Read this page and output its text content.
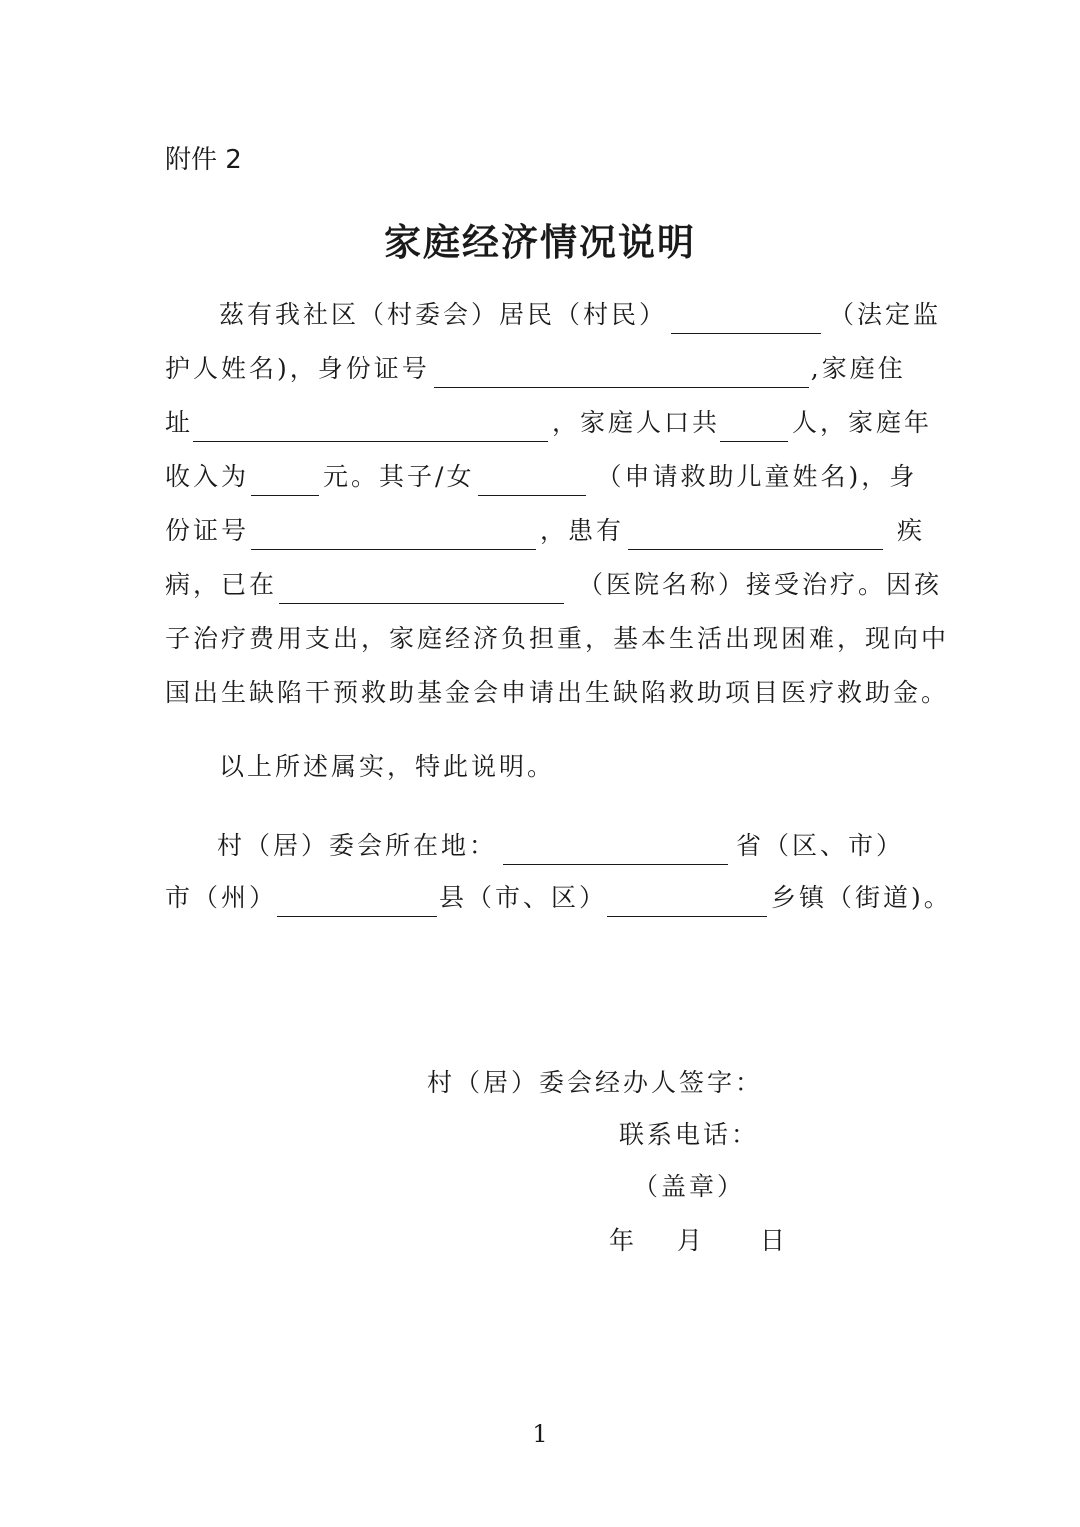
附件 2
家庭经济情况说明
茲有我社区（村委会）居民（村民）	（法定监
护人姓名)，身份证号	,家庭住
址	，家庭人口共	人，家庭年
收入为	元。其子/女	（申请救助儿童姓名)，身
份证号	，患有	疾
病，已在	（医院名称）接受治疗。因孩
子治疗费用支出，家庭经济负担重，基本生活出现困难，现向中
国出生缺陷干预救助基金会申请出生缺陷救助项目医疗救助金。
以上所述属实，特此说明。
村（居）委会所在地：	省（区、市）
市（州）	县（市、区）	乡镇（街道)。
村（居）委会经办人签字：
联系电话：
（盖章）
年 月 日
1
